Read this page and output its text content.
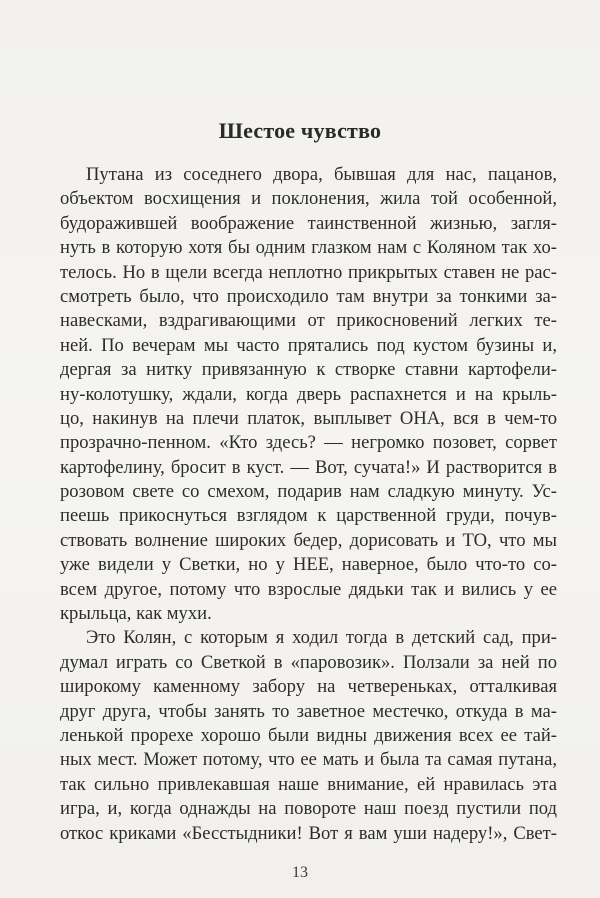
Шестое чувство
Путана из соседнего двора, бывшая для нас, пацанов,
объектом восхищения и поклонения, жила той особенной,
будоражившей воображение таинственной жизнью, загля-
нуть в которую хотя бы одним глазком нам с Коляном так хо-
телось. Но в щели всегда неплотно прикрытых ставен не рас-
смотреть было, что происходило там внутри за тонкими за-
навесками, вздрагивающими от прикосновений легких те-
ней. По вечерам мы часто прятались под кустом бузины и,
дергая за нитку привязанную к створке ставни картофели-
ну-колотушку, ждали, когда дверь распахнется и на крыль-
цо, накинув на плечи платок, выплывет ОНА, вся в чем-то
прозрачно-пенном. «Кто здесь? — негромко позовет, сорвет
картофелину, бросит в куст. — Вот, сучата!» И растворится в
розовом свете со смехом, подарив нам сладкую минуту. Ус-
пеешь прикоснуться взглядом к царственной груди, почув-
ствовать волнение широких бедер, дорисовать и ТО, что мы
уже видели у Светки, но у НЕЕ, наверное, было что-то со-
всем другое, потому что взрослые дядьки так и вились у ее
крыльца, как мухи.
Это Колян, с которым я ходил тогда в детский сад, при-
думал играть со Светкой в «паровозик». Ползали за ней по
широкому каменному забору на четвереньках, отталкивая
друг друга, чтобы занять то заветное местечко, откуда в ма-
ленькой прорехе хорошо были видны движения всех ее тай-
ных мест. Может потому, что ее мать и была та самая путана,
так сильно привлекавшая наше внимание, ей нравилась эта
игра, и, когда однажды на повороте наш поезд пустили под
откос криками «Бесстыдники! Вот я вам уши надеру!», Свет-
13
